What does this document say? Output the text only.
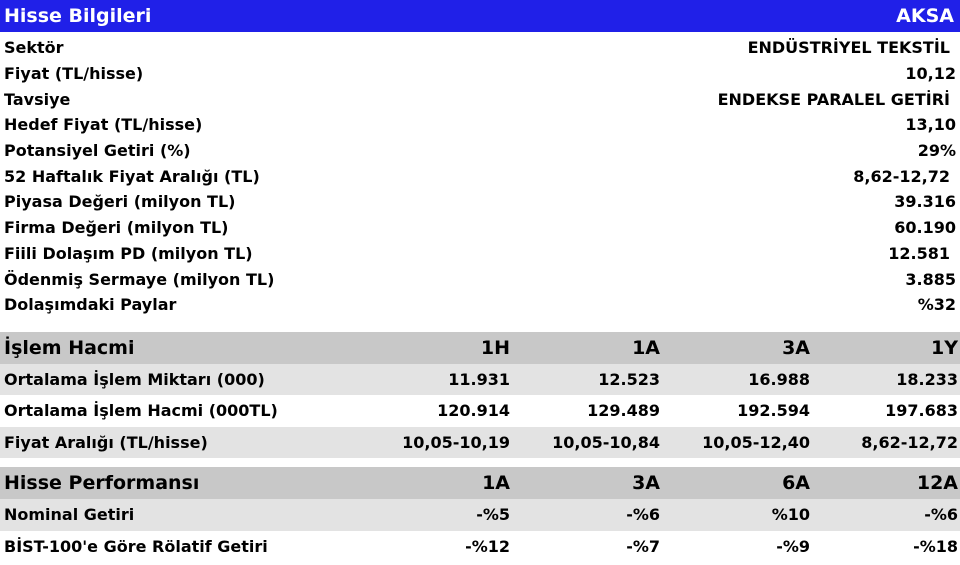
Hisse Bilgileri	AKSA
Sektör	ENDÜSTRİYEL TEKSTİL
Fiyat (TL/hisse)	10,12
Tavsiye	ENDEKSE PARALEL GETİRİ
Hedef Fiyat (TL/hisse)	13,10
Potansiyel Getiri (%)	29%
52 Haftalık Fiyat Aralığı (TL)	8,62-12,72
Piyasa Değeri (milyon TL)	39.316
Firma Değeri (milyon TL)	60.190
Fiili Dolaşım PD (milyon TL)	12.581
Ödenmiş Sermaye (milyon TL)	3.885
Dolaşımdaki Paylar	%32
İşlem Hacmi	1H	1A	3A	1Y
Ortalama İşlem Miktarı (000)	11.931	12.523	16.988	18.233
Ortalama İşlem Hacmi (000TL)	120.914	129.489	192.594	197.683
Fiyat Aralığı (TL/hisse)	10,05-10,19	10,05-10,84	10,05-12,40	8,62-12,72
Hisse Performansı	1A	3A	6A	12A
Nominal Getiri	-%5	-%6	%10	-%6
BİST-100'e Göre Rölatif Getiri	-%12	-%7	-%9	-%18
